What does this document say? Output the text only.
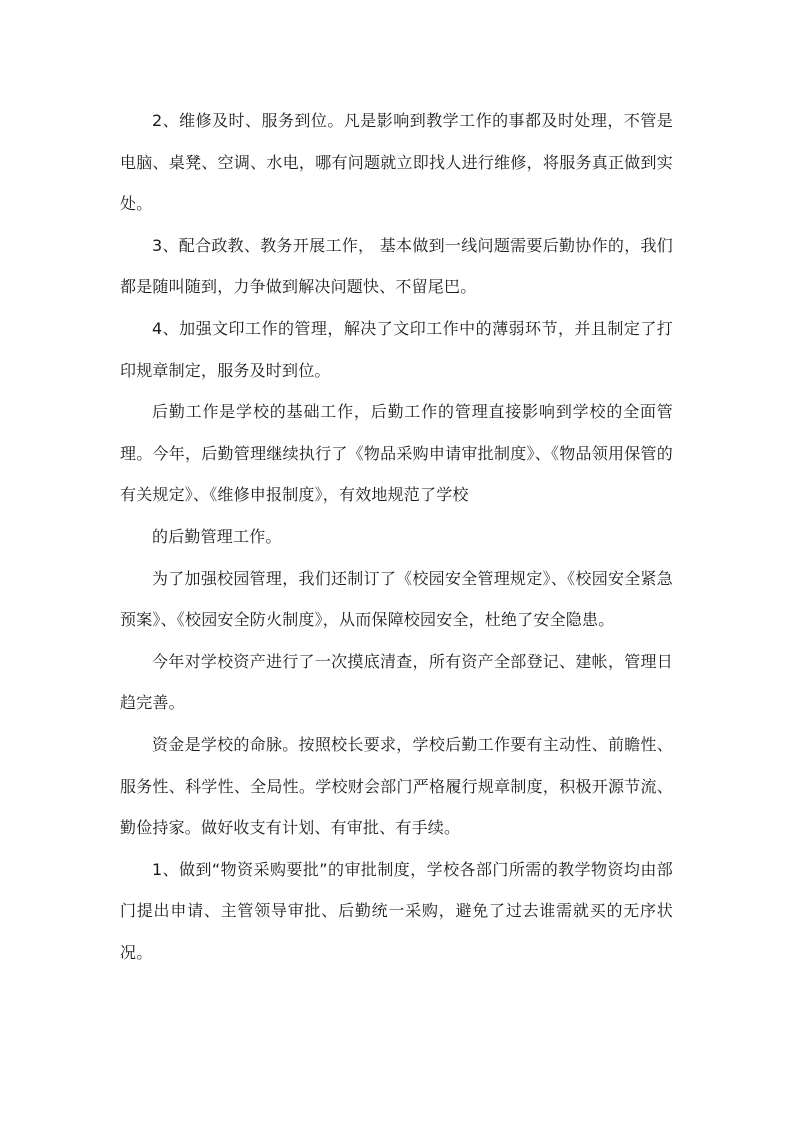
2、维修及时、服务到位。凡是影响到教学工作的事都及时处理，不管是电脑、桌凳、空调、水电，哪有问题就立即找人进行维修，将服务真正做到实处。

3、配合政教、教务开展工作， 基本做到一线问题需要后勤协作的，我们都是随叫随到，力争做到解决问题快、不留尾巴。

4、加强文印工作的管理，解决了文印工作中的薄弱环节，并且制定了打印规章制定，服务及时到位。

后勤工作是学校的基础工作，后勤工作的管理直接影响到学校的全面管理。今年，后勤管理继续执行了《物品采购申请审批制度》、《物品领用保管的有关规定》、《维修申报制度》，有效地规范了学校

的后勤管理工作。

为了加强校园管理，我们还制订了《校园安全管理规定》、《校园安全紧急预案》、《校园安全防火制度》，从而保障校园安全，杜绝了安全隐患。

今年对学校资产进行了一次摸底清查，所有资产全部登记、建帐，管理日趋完善。

资金是学校的命脉。按照校长要求，学校后勤工作要有主动性、前瞻性、服务性、科学性、全局性。学校财会部门严格履行规章制度，积极开源节流、勤俭持家。做好收支有计划、有审批、有手续。

1、做到“物资采购要批”的审批制度，学校各部门所需的教学物资均由部门提出申请、主管领导审批、后勤统一采购，避免了过去谁需就买的无序状况。
